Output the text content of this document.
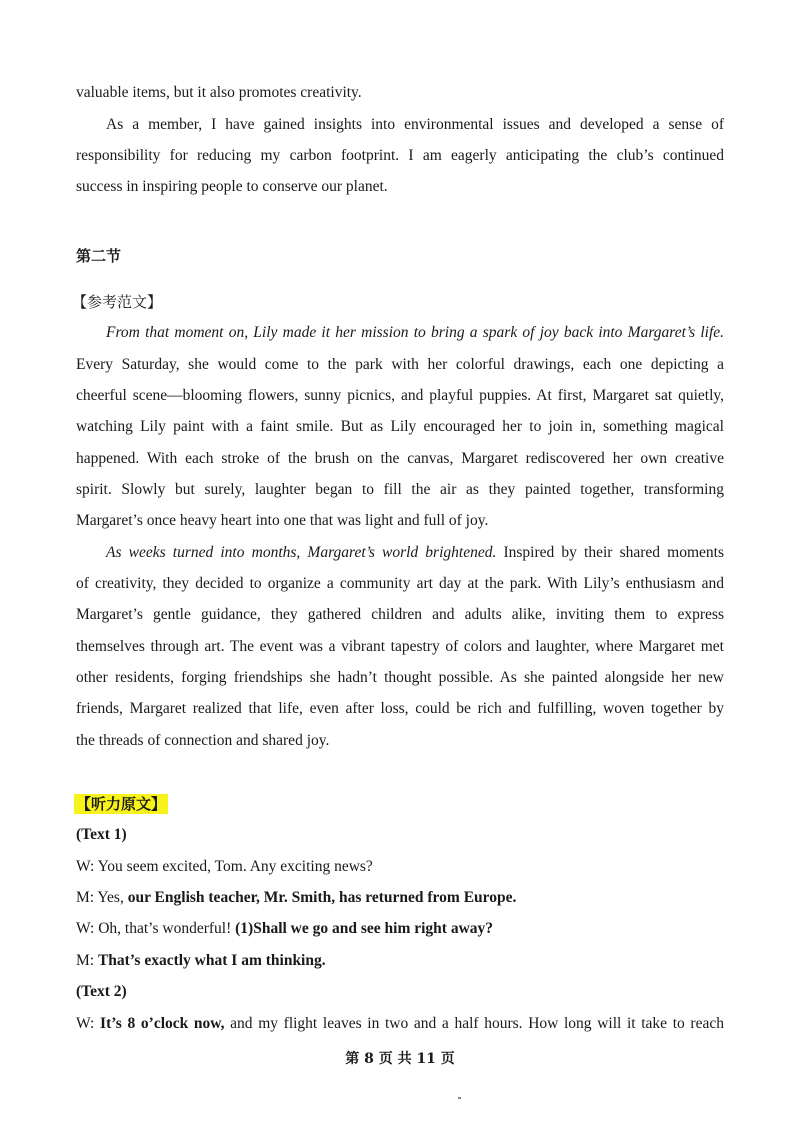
valuable items, but it also promotes creativity.
As a member, I have gained insights into environmental issues and developed a sense of
responsibility for reducing my carbon footprint. I am eagerly anticipating the club’s continued
success in inspiring people to conserve our planet.
第二节
【参考范文】
From that moment on, Lily made it her mission to bring a spark of joy back into Margaret’s life.
Every Saturday, she would come to the park with her colorful drawings, each one depicting a
cheerful scene—blooming flowers, sunny picnics, and playful puppies. At first, Margaret sat quietly,
watching Lily paint with a faint smile. But as Lily encouraged her to join in, something magical
happened. With each stroke of the brush on the canvas, Margaret rediscovered her own creative
spirit. Slowly but surely, laughter began to fill the air as they painted together, transforming
Margaret’s once heavy heart into one that was light and full of joy.
As weeks turned into months, Margaret’s world brightened. Inspired by their shared moments
of creativity, they decided to organize a community art day at the park. With Lily’s enthusiasm and
Margaret’s gentle guidance, they gathered children and adults alike, inviting them to express
themselves through art. The event was a vibrant tapestry of colors and laughter, where Margaret met
other residents, forging friendships she hadn’t thought possible. As she painted alongside her new
friends, Margaret realized that life, even after loss, could be rich and fulfilling, woven together by
the threads of connection and shared joy.
【听力原文】
(Text 1)
W: You seem excited, Tom. Any exciting news?
M: Yes, our English teacher, Mr. Smith, has returned from Europe.
W: Oh, that’s wonderful! (1)Shall we go and see him right away?
M: That’s exactly what I am thinking.
(Text 2)
W: It’s 8 o’clock now, and my flight leaves in two and a half hours. How long will it take to reach
第 8 页 共 11 页
